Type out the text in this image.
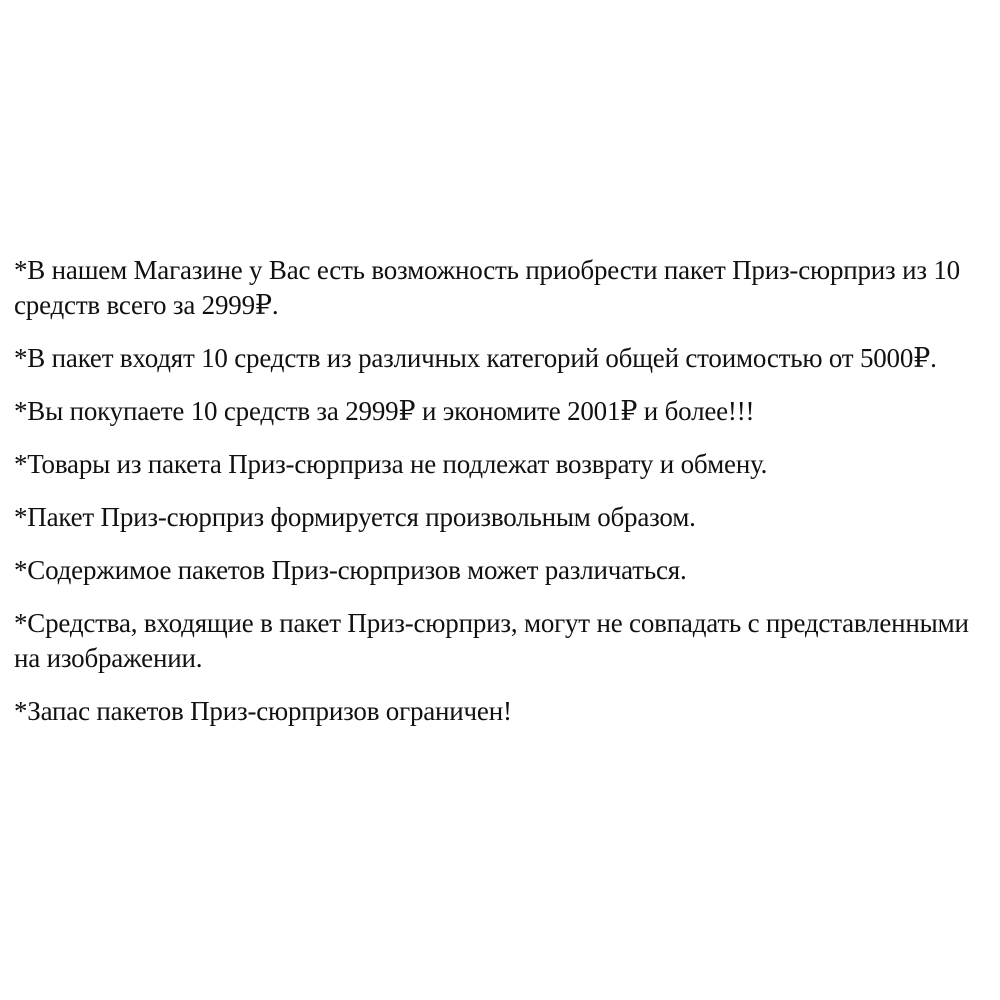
*В нашем Магазине у Вас есть возможность приобрести пакет Приз-сюрприз из 10 средств всего за 2999₽.

*В пакет входят 10 средств из различных категорий общей стоимостью от 5000₽.

*Вы покупаете 10 средств за 2999₽ и экономите 2001₽ и более!!!

*Товары из пакета Приз-сюрприза не подлежат возврату и обмену.

*Пакет Приз-сюрприз формируется произвольным образом.

*Содержимое пакетов Приз-сюрпризов может различаться.

*Средства, входящие в пакет Приз-сюрприз, могут не совпадать с представленными на изображении.

*Запас пакетов Приз-сюрпризов ограничен!
